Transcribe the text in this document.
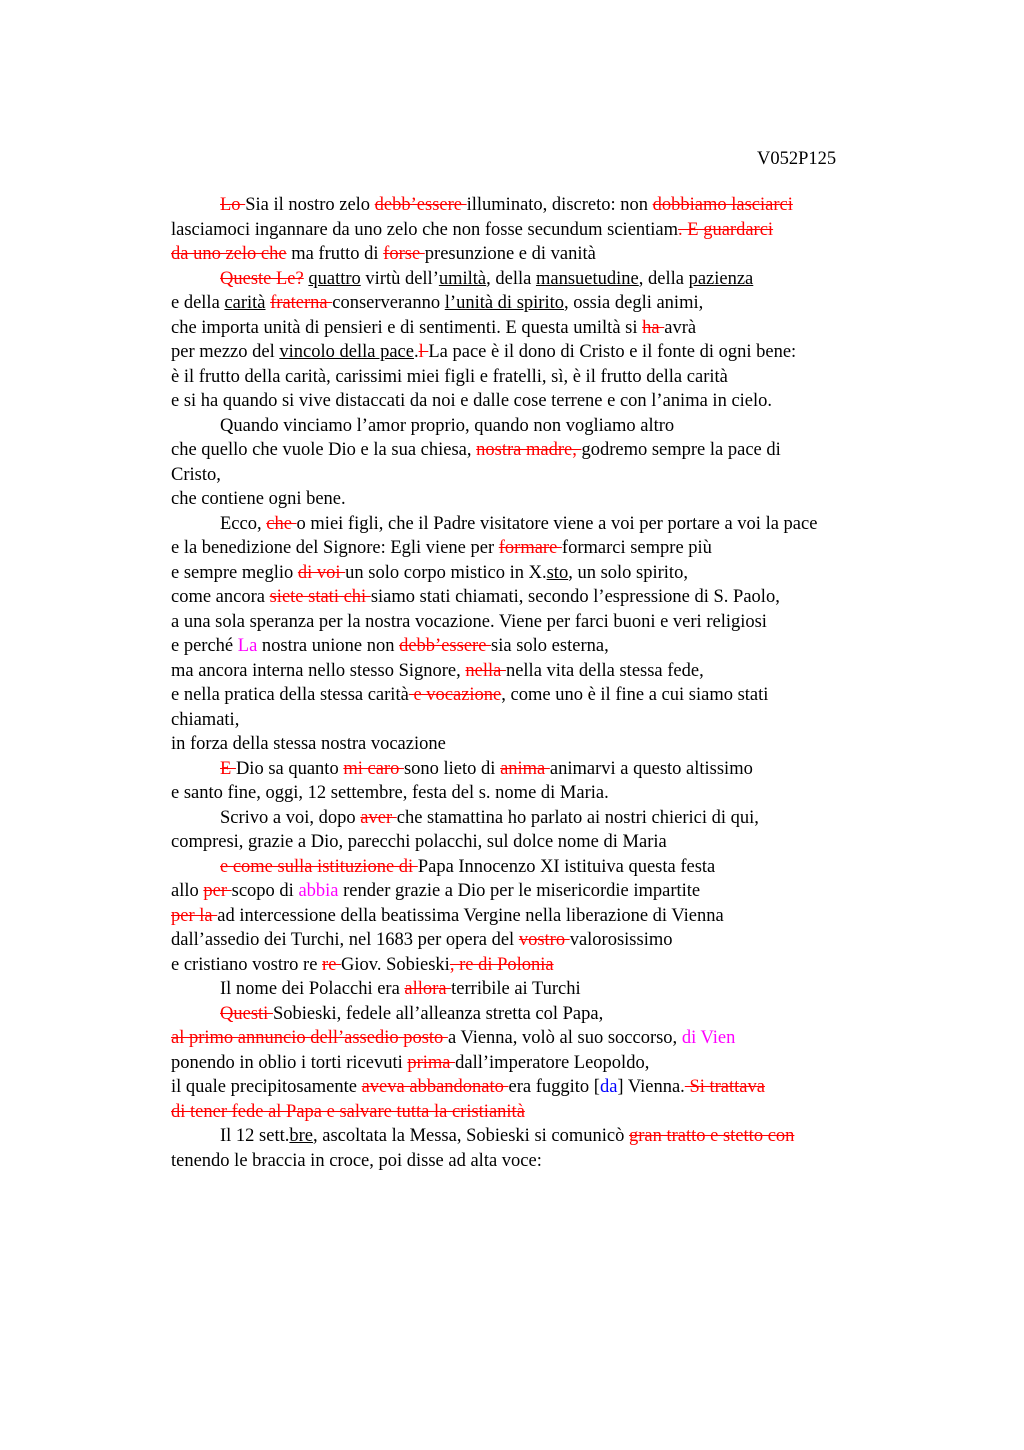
V052P125
Lo Sia il nostro zelo debb’essere illuminato, discreto: non dobbiamo lasciarci
lasciamoci ingannare da uno zelo che non fosse secundum scientiam. E guardarci
da uno zelo che ma frutto di forse presunzione e di vanità
Queste Le? quattro virtù dell’umiltà, della mansuetudine, della pazienza
e della carità fraterna conserveranno l’unità di spirito, ossia degli animi,
che importa unità di pensieri e di sentimenti. E questa umiltà si ha avrà
per mezzo del vincolo della pace.l La pace è il dono di Cristo e il fonte di ogni bene:
è il frutto della carità, carissimi miei figli e fratelli, sì, è il frutto della carità
e si ha quando si vive distaccati da noi e dalle cose terrene e con l’anima in cielo.
Quando vinciamo l’amor proprio, quando non vogliamo altro
che quello che vuole Dio e la sua chiesa, nostra madre, godremo sempre la pace di
Cristo,
che contiene ogni bene.
Ecco, che o miei figli, che il Padre visitatore viene a voi per portare a voi la pace
e la benedizione del Signore: Egli viene per formare formarci sempre più
e sempre meglio di voi un solo corpo mistico in X.sto, un solo spirito,
come ancora siete stati chi siamo stati chiamati, secondo l’espressione di S. Paolo,
a una sola speranza per la nostra vocazione. Viene per farci buoni e veri religiosi
e perché La nostra unione non debb’essere sia solo esterna,
ma ancora interna nello stesso Signore, nella nella vita della stessa fede,
e nella pratica della stessa carità e vocazione, come uno è il fine a cui siamo stati
chiamati,
in forza della stessa nostra vocazione
E Dio sa quanto mi caro sono lieto di anima animarvi a questo altissimo
e santo fine, oggi, 12 settembre, festa del s. nome di Maria.
Scrivo a voi, dopo aver che stamattina ho parlato ai nostri chierici di qui,
compresi, grazie a Dio, parecchi polacchi, sul dolce nome di Maria
e come sulla istituzione di Papa Innocenzo XI istituiva questa festa
allo per scopo di abbia render grazie a Dio per le misericordie impartite
per la ad intercessione della beatissima Vergine nella liberazione di Vienna
dall’assedio dei Turchi, nel 1683 per opera del vostro valorosissimo
e cristiano vostro re re Giov. Sobieski, re di Polonia
Il nome dei Polacchi era allora terribile ai Turchi
Questi Sobieski, fedele all’alleanza stretta col Papa,
al primo annuncio dell’assedio posto a Vienna, volò al suo soccorso, di Vien
ponendo in oblio i torti ricevuti prima dall’imperatore Leopoldo,
il quale precipitosamente aveva abbandonato era fuggito [da] Vienna. Si trattava
di tener fede al Papa e salvare tutta la cristianità
Il 12 sett.bre, ascoltata la Messa, Sobieski si comunicò gran tratto e stetto con
tenendo le braccia in croce, poi disse ad alta voce:
